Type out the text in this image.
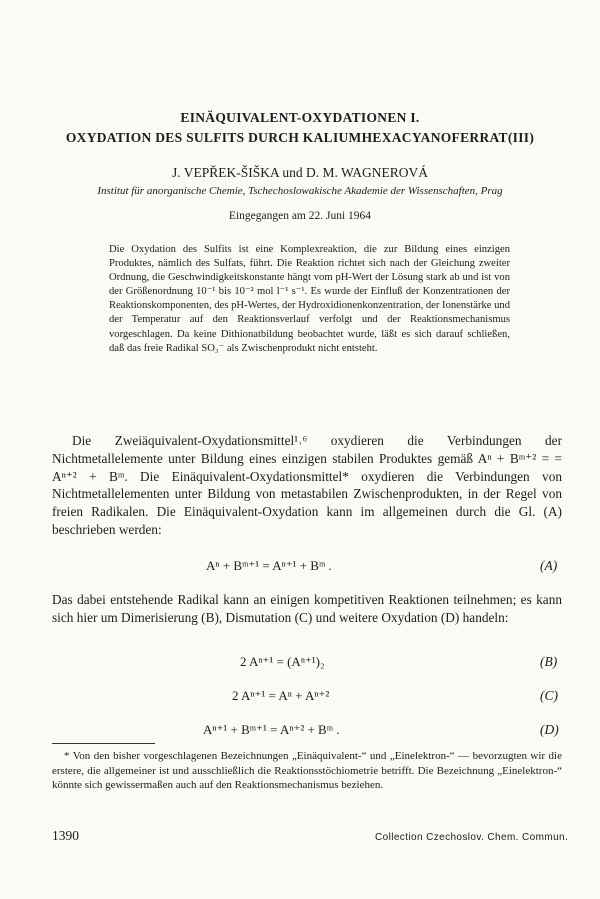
EINÄQUIVALENT-OXYDATIONEN I.
OXYDATION DES SULFITS DURCH KALIUMHEXACYANOFERRAT(III)
J. VEPŘEK-ŠIŠKA und D. M. WAGNEROVÁ
Institut für anorganische Chemie, Tschechoslowakische Akademie der Wissenschaften, Prag
Eingegangen am 22. Juni 1964

Die Oxydation des Sulfits ist eine Komplexreaktion, die zur Bildung eines einzigen Produktes, nämlich des Sulfats, führt. Die Reaktion richtet sich nach der Gleichung zweiter Ordnung, die Geschwindigkeitskonstante hängt vom pH-Wert der Lösung stark ab und ist von der Größenordnung 10⁻¹ bis 10⁻² mol l⁻¹ s⁻¹. Es wurde der Einfluß der Konzentrationen der Reaktionskomponenten, des pH-Wertes, der Hydroxidionenkonzentration, der Ionenstärke und der Temperatur auf den Reaktionsverlauf verfolgt und der Reaktionsmechanismus vorgeschlagen. Da keine Dithionatbildung beobachtet wurde, läßt es sich darauf schließen, daß das freie Radikal SO₃⁻ als Zwischenprodukt nicht entsteht.

Die Zweiäquivalent-Oxydationsmittel¹˒⁶ oxydieren die Verbindungen der Nichtmetallelemente unter Bildung eines einzigen stabilen Produktes gemäß Aⁿ + Bᵐ⁺² = = Aⁿ⁺² + Bᵐ. Die Einäquivalent-Oxydationsmittel* oxydieren die Verbindungen von Nichtmetallelementen unter Bildung von metastabilen Zwischenprodukten, in der Regel von freien Radikalen. Die Einäquivalent-Oxydation kann im allgemeinen durch die Gl. (A) beschrieben werden:

Aⁿ + Bᵐ⁺¹ = Aⁿ⁺¹ + Bᵐ .	(A)

Das dabei entstehende Radikal kann an einigen kompetitiven Reaktionen teilnehmen; es kann sich hier um Dimerisierung (B), Dismutation (C) und weitere Oxydation (D) handeln:

2 Aⁿ⁺¹ = (Aⁿ⁺¹)₂	(B)
2 Aⁿ⁺¹ = Aⁿ + Aⁿ⁺²	(C)
Aⁿ⁺¹ + Bᵐ⁺¹ = Aⁿ⁺² + Bᵐ .	(D)

* Von den bisher vorgeschlagenen Bezeichnungen „Einäquivalent-“ und „Einelektron-“ — bevorzugten wir die erstere, die allgemeiner ist und ausschließlich die Reaktionsstöchiometrie betrifft. Die Bezeichnung „Einelektron-“ könnte sich gewissermaßen auch auf den Reaktionsmechanismus beziehen.

1390	Collection Czechoslov. Chem. Commun.
